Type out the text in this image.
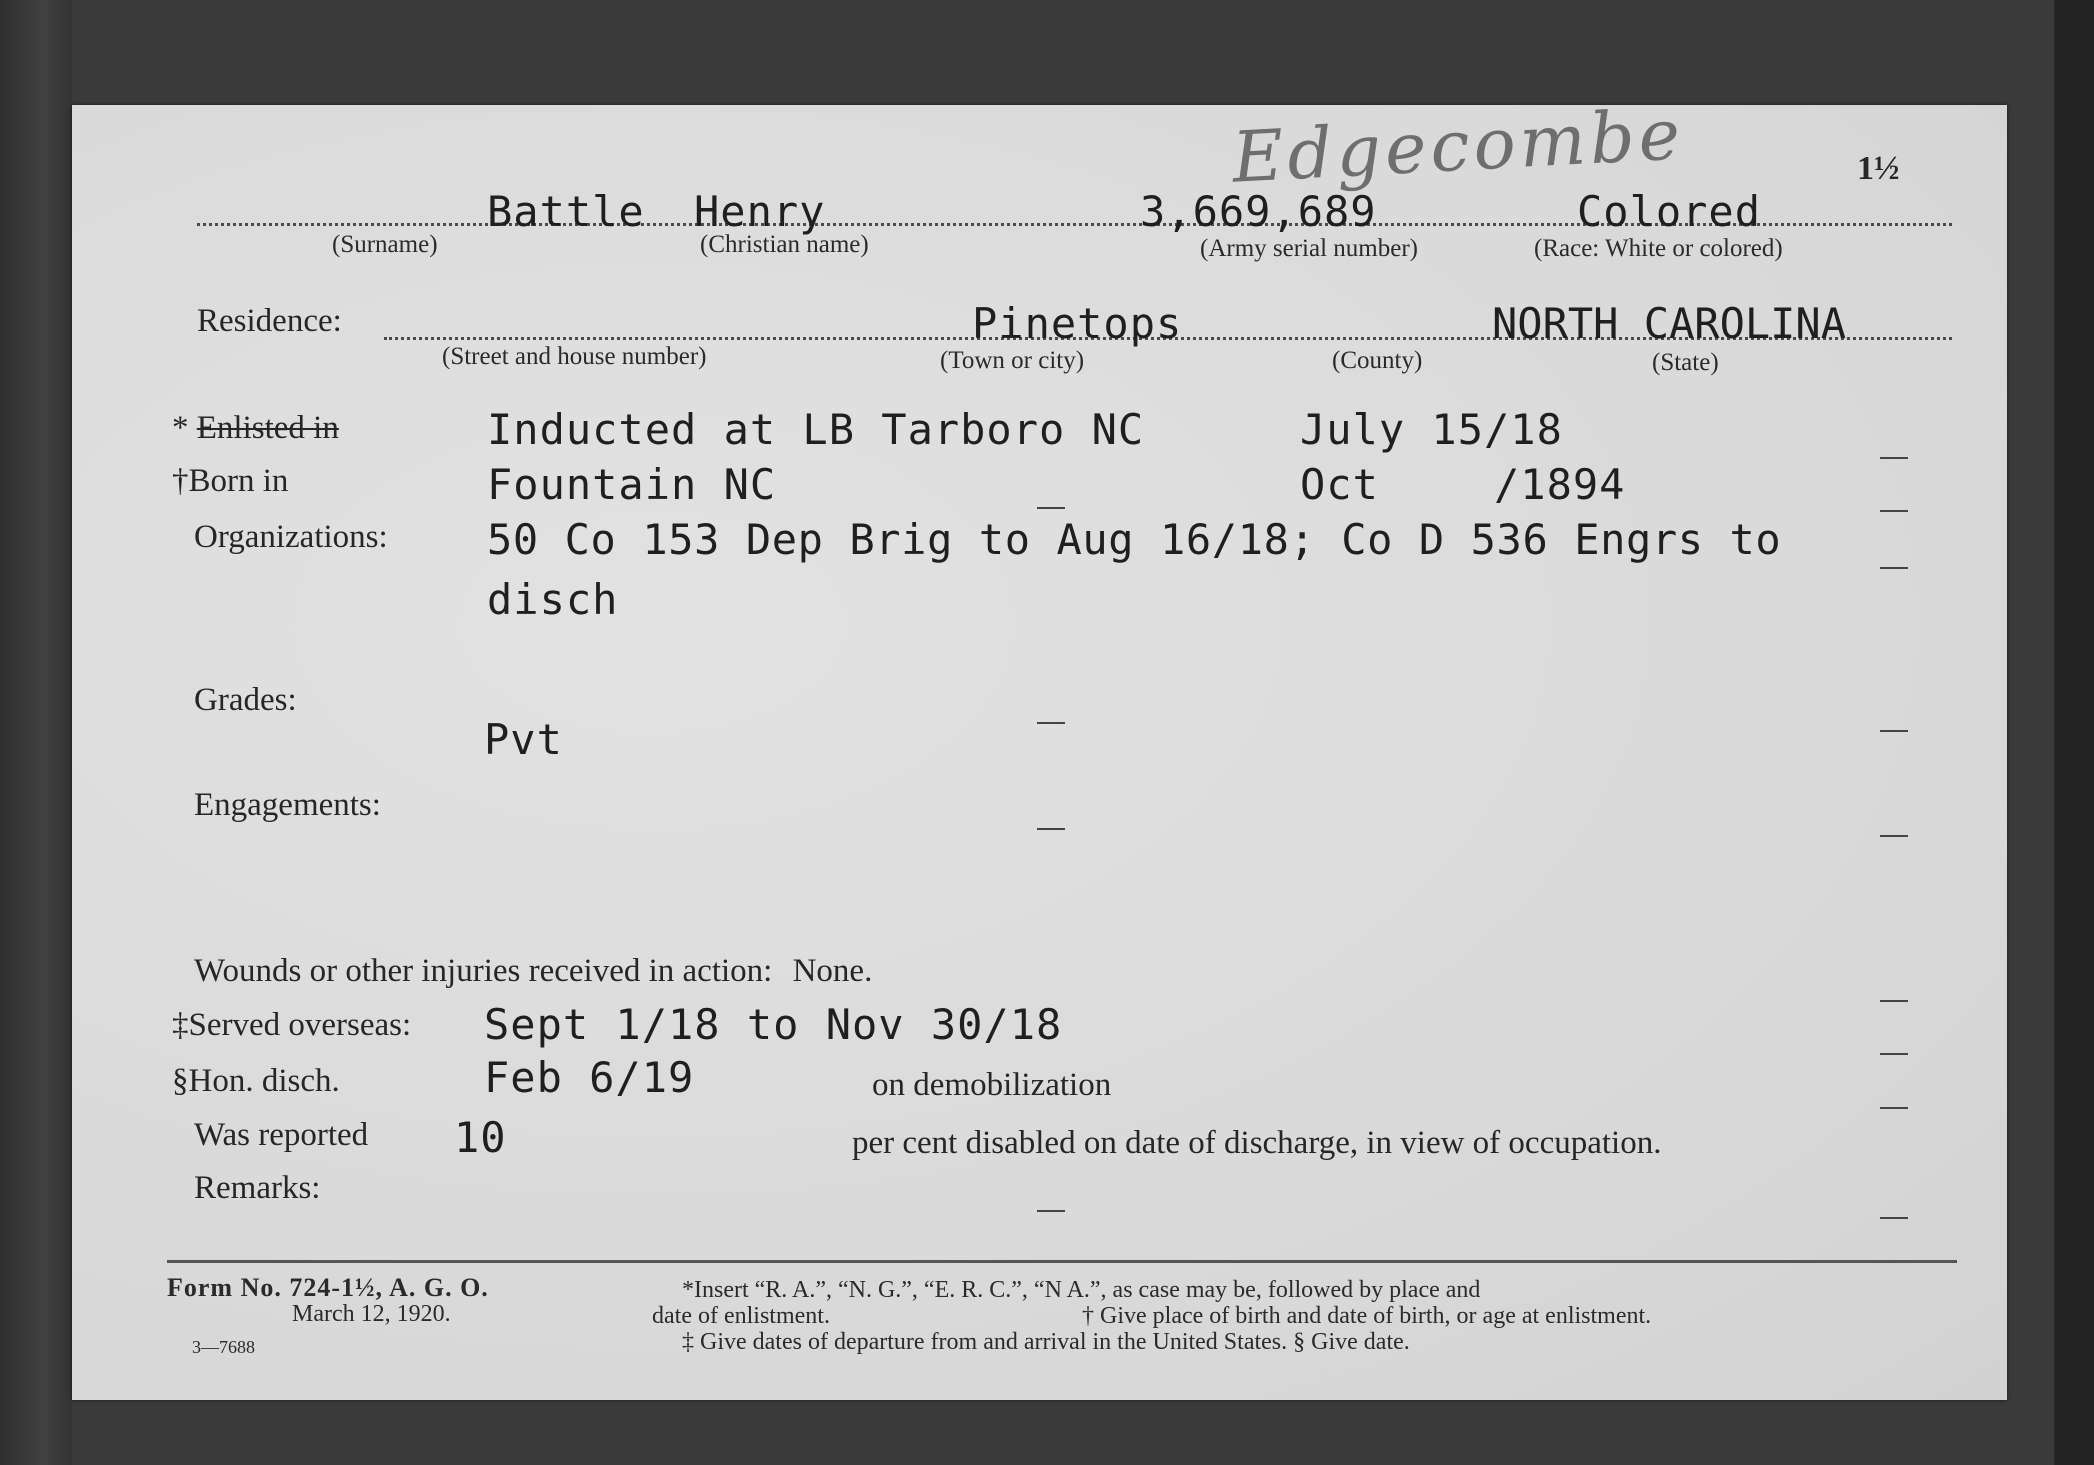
1½
Edgecombe
Battle Henry	3,669,689	Colored
(Surname)	(Christian name)	(Army serial number)	(Race: White or colored)
Residence:	Pinetops	NORTH CAROLINA
(Street and house number)	(Town or city)	(County)	(State)
* Enlisted in	Inducted at LB Tarboro NC	July 15/18
†Born in	Fountain NC	Oct	/1894
Organizations: 50 Co 153 Dep Brig to Aug 16/18; Co D 536 Engrs to
disch
Grades:
Pvt
Engagements:
Wounds or other injuries received in action: None.
‡Served overseas: Sept 1/18 to Nov 30/18
§Hon. disch.	Feb 6/19	on demobilization
Was reported 10	per cent disabled on date of discharge, in view of occupation.
Remarks:
Form No. 724-1½, A. G. O.
March 12, 1920.
3—7688
*Insert “R. A.”, “N. G.”, “E. R. C.”, “N A.”, as case may be, followed by place and
date of enlistment.	† Give place of birth and date of birth, or age at enlistment.
‡ Give dates of departure from and arrival in the United States. § Give date.
